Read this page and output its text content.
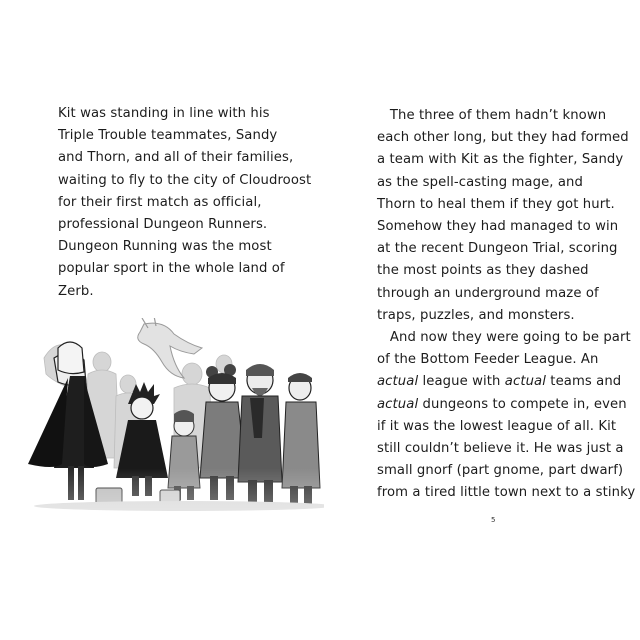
Kit was standing in line with his
Triple Trouble teammates, Sandy
and Thorn, and all of their families,
waiting to fly to the city of Cloudroost
for their first match as official,
professional Dungeon Runners.
Dungeon Running was the most
popular sport in the whole land of
Zerb.
The three of them hadn’t known
each other long, but they had formed
a team with Kit as the fighter, Sandy
as the spell-casting mage, and
Thorn to heal them if they got hurt.
Somehow they had managed to win
at the recent Dungeon Trial, scoring
the most points as they dashed
through an underground maze of
traps, puzzles, and monsters.
And now they were going to be part
of the Bottom Feeder League. An
actual league with actual teams and
actual dungeons to compete in, even
if it was the lowest league of all. Kit
still couldn’t believe it. He was just a
small gnorf (part gnome, part dwarf)
from a tired little town next to a stinky
5
